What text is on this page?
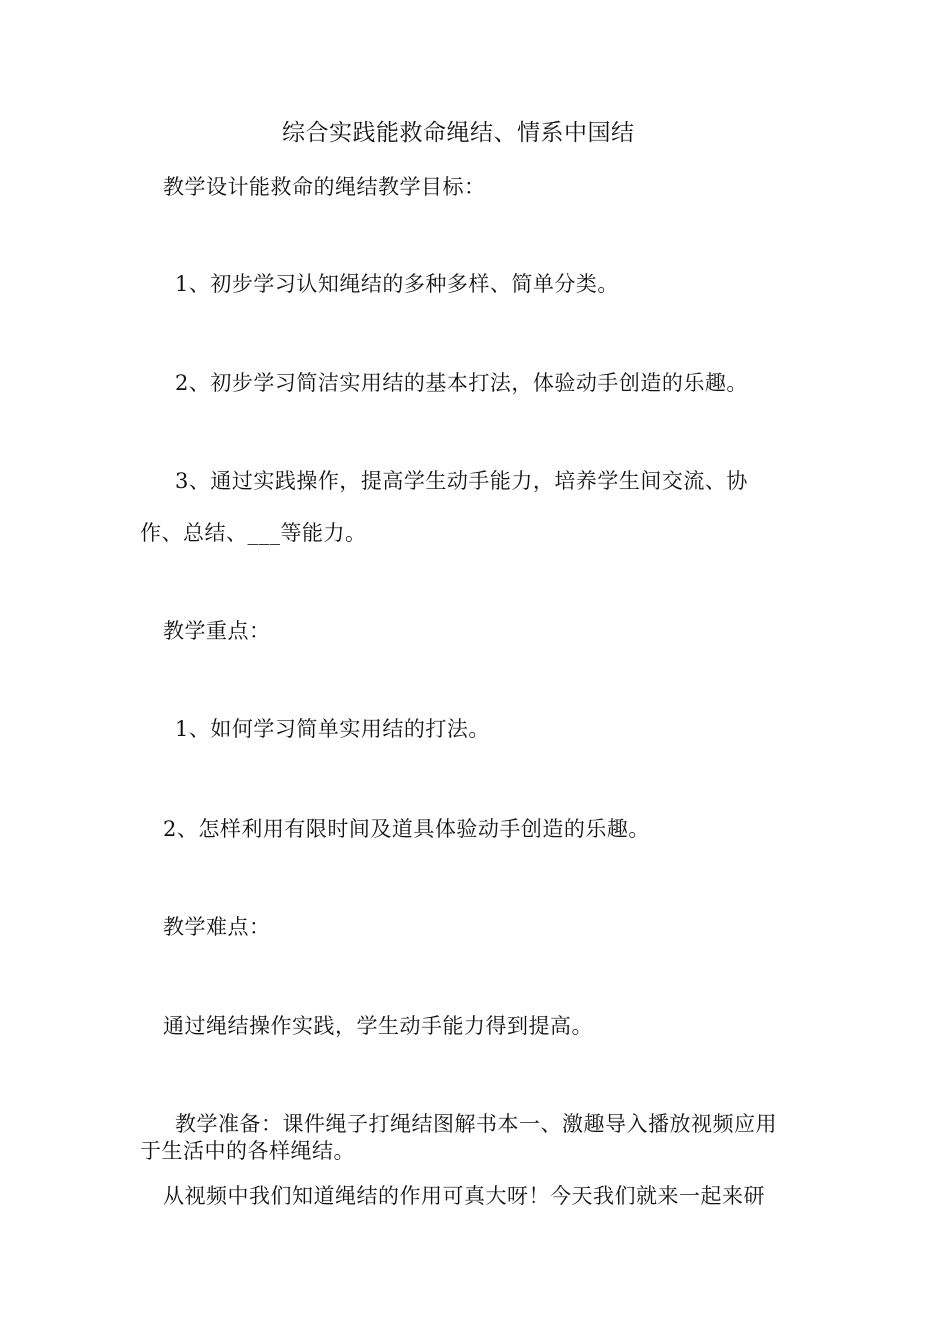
综合实践能救命绳结、情系中国结
教学设计能救命的绳结教学目标：
1、初步学习认知绳结的多种多样、简单分类。
2、初步学习简洁实用结的基本打法，体验动手创造的乐趣。
3、通过实践操作，提高学生动手能力，培养学生间交流、协
作、总结、___等能力。
教学重点：
1、如何学习简单实用结的打法。
2、怎样利用有限时间及道具体验动手创造的乐趣。
教学难点：
通过绳结操作实践，学生动手能力得到提高。
教学准备：课件绳子打绳结图解书本一、激趣导入播放视频应用
于生活中的各样绳结。
从视频中我们知道绳结的作用可真大呀！今天我们就来一起来研
